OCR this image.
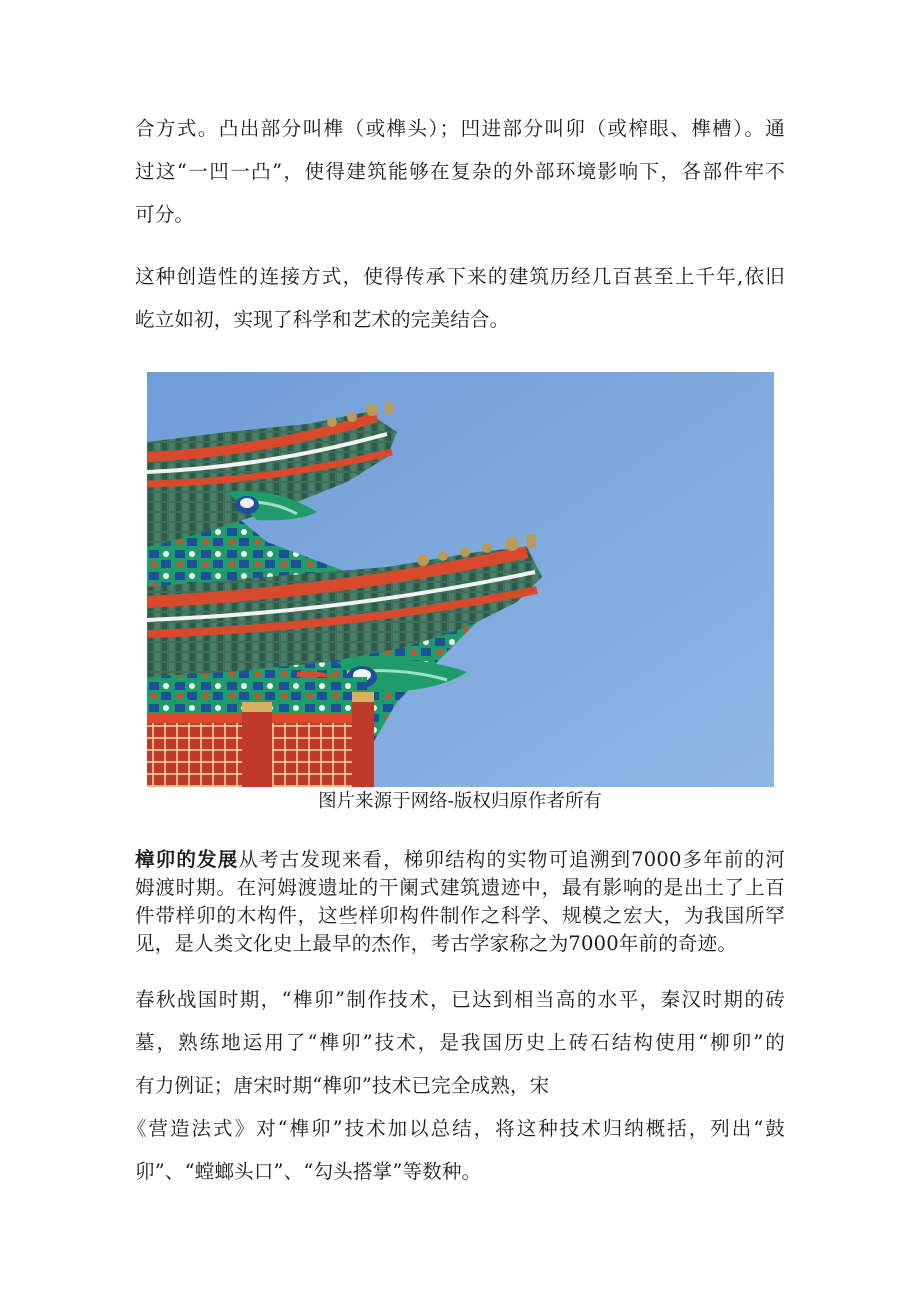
合方式。凸出部分叫榫（或榫头）；凹进部分叫卯（或榨眼、榫槽）。通
过这“一凹一凸”，使得建筑能够在复杂的外部环境影响下，各部件牢不
可分。
这种创造性的连接方式，使得传承下来的建筑历经几百甚至上千年,依旧
屹立如初，实现了科学和艺术的完美结合。
图片来源于网络-版权归原作者所有
樟卯的发展从考古发现来看，梯卯结构的实物可追溯到7000多年前的河
姆渡时期。在河姆渡遗址的干阑式建筑遗迹中，最有影响的是出土了上百
件带样卯的木构件，这些样卯构件制作之科学、规模之宏大，为我国所罕
见，是人类文化史上最早的杰作，考古学家称之为7000年前的奇迹。
春秋战国时期，“榫卯”制作技术，已达到相当高的水平，秦汉时期的砖
墓，熟练地运用了“榫卯”技术，是我国历史上砖石结构使用“柳卯”的
有力例证；唐宋时期“榫卯”技术已完全成熟，宋
《营造法式》对“榫卯”技术加以总结，将这种技术归纳概括，列出“鼓
卯”、“螳螂头口”、“勾头搭掌”等数种。
